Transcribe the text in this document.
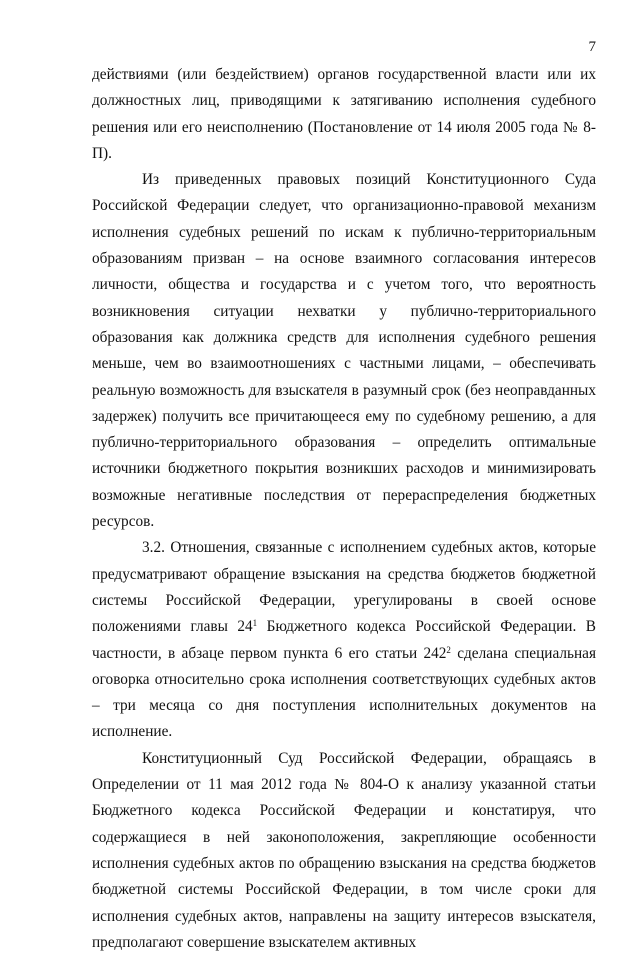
7

действиями (или бездействием) органов государственной власти или их должностных лиц, приводящими к затягиванию исполнения судебного решения или его неисполнению (Постановление от 14 июля 2005 года № 8-П).

Из приведенных правовых позиций Конституционного Суда Российской Федерации следует, что организационно-правовой механизм исполнения судебных решений по искам к публично-территориальным образованиям призван – на основе взаимного согласования интересов личности, общества и государства и с учетом того, что вероятность возникновения ситуации нехватки у публично-территориального образования как должника средств для исполнения судебного решения меньше, чем во взаимоотношениях с частными лицами, – обеспечивать реальную возможность для взыскателя в разумный срок (без неоправданных задержек) получить все причитающееся ему по судебному решению, а для публично-территориального образования – определить оптимальные источники бюджетного покрытия возникших расходов и минимизировать возможные негативные последствия от перераспределения бюджетных ресурсов.

3.2. Отношения, связанные с исполнением судебных актов, которые предусматривают обращение взыскания на средства бюджетов бюджетной системы Российской Федерации, урегулированы в своей основе положениями главы $24^1$ Бюджетного кодекса Российской Федерации. В частности, в абзаце первом пункта 6 его статьи $242^2$ сделана специальная оговорка относительно срока исполнения соответствующих судебных актов – три месяца со дня поступления исполнительных документов на исполнение.

Конституционный Суд Российской Федерации, обращаясь в Определении от 11 мая 2012 года № 804-О к анализу указанной статьи Бюджетного кодекса Российской Федерации и констатируя, что содержащиеся в ней законоположения, закрепляющие особенности исполнения судебных актов по обращению взыскания на средства бюджетов бюджетной системы Российской Федерации, в том числе сроки для исполнения судебных актов, направлены на защиту интересов взыскателя, предполагают совершение взыскателем активных
